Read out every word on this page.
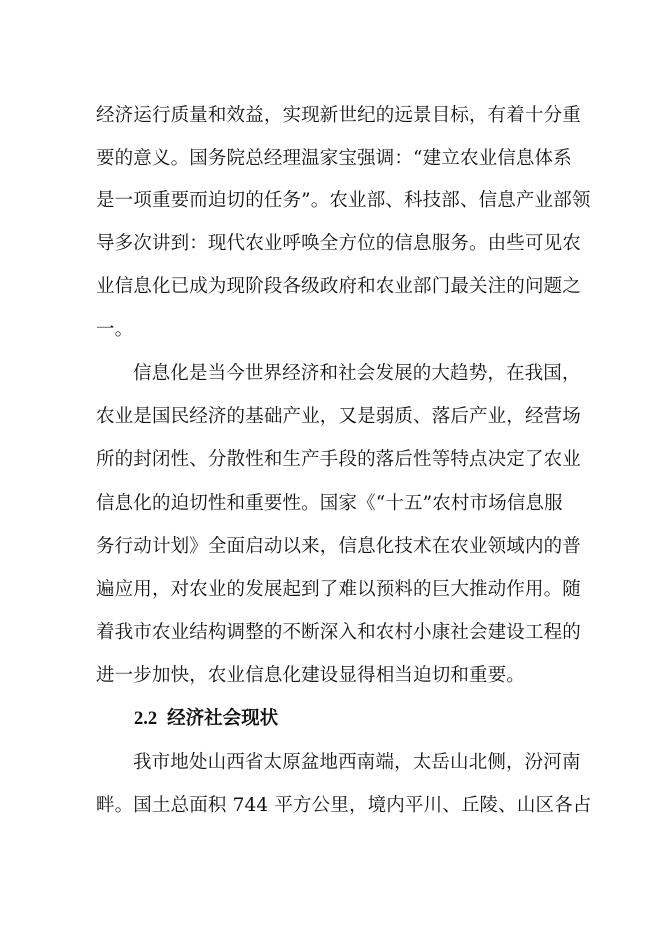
经济运行质量和效益，实现新世纪的远景目标，有着十分重
要的意义。国务院总经理温家宝强调：“建立农业信息体系
是一项重要而迫切的任务”。农业部、科技部、信息产业部领
导多次讲到：现代农业呼唤全方位的信息服务。由些可见农
业信息化已成为现阶段各级政府和农业部门最关注的问题之
一。
信息化是当今世界经济和社会发展的大趋势，在我国，
农业是国民经济的基础产业，又是弱质、落后产业，经营场
所的封闭性、分散性和生产手段的落后性等特点决定了农业
信息化的迫切性和重要性。国家《“十五”农村市场信息服
务行动计划》全面启动以来，信息化技术在农业领域内的普
遍应用，对农业的发展起到了难以预料的巨大推动作用。随
着我市农业结构调整的不断深入和农村小康社会建设工程的
进一步加快，农业信息化建设显得相当迫切和重要。
2.2 经济社会现状
我市地处山西省太原盆地西南端，太岳山北侧，汾河南
畔。国土总面积 744 平方公里，境内平川、丘陵、山区各占
